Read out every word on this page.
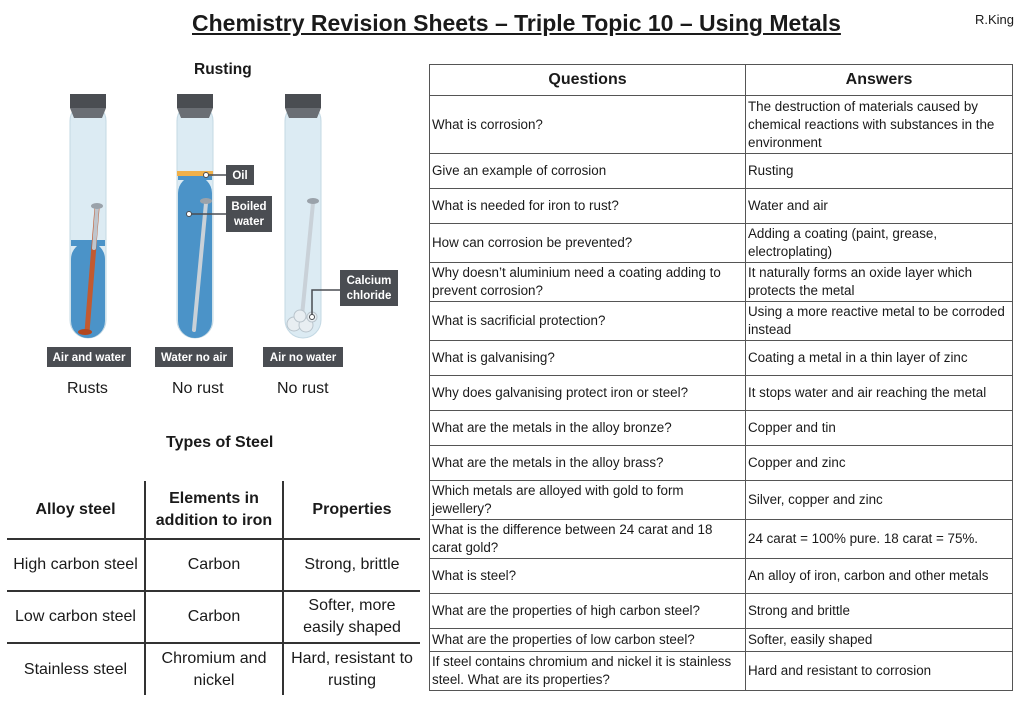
Chemistry Revision Sheets – Triple Topic 10 – Using Metals	R.King
Rusting
Air and water
Oil
Boiled
water
Water no air
Calcium
chloride
Air no water
Rusts	No rust	No rust
Types of Steel
Alloy steel	Elements in addition to iron	Properties
High carbon steel	Carbon	Strong, brittle
Low carbon steel	Carbon	Softer, more easily shaped
Stainless steel	Chromium and nickel	Hard, resistant to rusting
Questions	Answers
What is corrosion?	The destruction of materials caused by chemical reactions with substances in the environment
Give an example of corrosion	Rusting
What is needed for iron to rust?	Water and air
How can corrosion be prevented?	Adding a coating (paint, grease, electroplating)
Why doesn’t aluminium need a coating adding to prevent corrosion?	It naturally forms an oxide layer which protects the metal
What is sacrificial protection?	Using a more reactive metal to be corroded instead
What is galvanising?	Coating a metal in a thin layer of zinc
Why does galvanising protect iron or steel?	It stops water and air reaching the metal
What are the metals in the alloy bronze?	Copper and tin
What are the metals in the alloy brass?	Copper and zinc
Which metals are alloyed with gold to form jewellery?	Silver, copper and zinc
What is the difference between 24 carat and 18 carat gold?	24 carat = 100% pure. 18 carat = 75%.
What is steel?	An alloy of iron, carbon and other metals
What are the properties of high carbon steel?	Strong and brittle
What are the properties of low carbon steel?	Softer, easily shaped
If steel contains chromium and nickel it is stainless steel. What are its properties?	Hard and resistant to corrosion
